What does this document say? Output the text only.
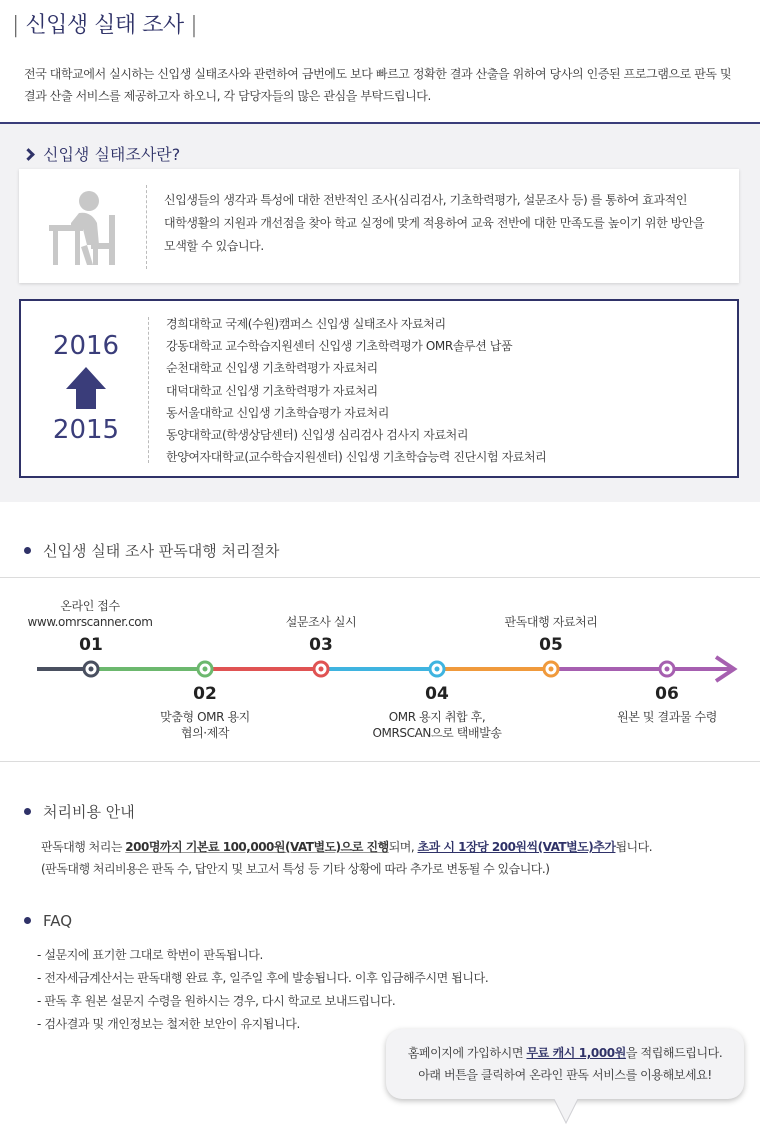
| 신입생 실태 조사 |
전국 대학교에서 실시하는 신입생 실태조사와 관련하여 금번에도 보다 빠르고 정확한 결과 산출을 위하여 당사의 인증된 프로그램으로 판독 및
결과 산출 서비스를 제공하고자 하오니, 각 담당자들의 많은 관심을 부탁드립니다.
신입생 실태조사란?
신입생들의 생각과 특성에 대한 전반적인 조사(심리검사, 기초학력평가, 설문조사 등) 를 통하여 효과적인
대학생활의 지원과 개선점을 찾아 학교 실정에 맞게 적용하여 교육 전반에 대한 만족도를 높이기 위한 방안을
모색할 수 있습니다.
2016
2015
경희대학교 국제(수원)캠퍼스 신입생 실태조사 자료처리
강동대학교 교수학습지원센터 신입생 기초학력평가 OMR솔루션 납품
순천대학교 신입생 기초학력평가 자료처리
대덕대학교 신입생 기초학력평가 자료처리
동서울대학교 신입생 기초학습평가 자료처리
동양대학교(학생상담센터) 신입생 심리검사 검사지 자료처리
한양여자대학교(교수학습지원센터) 신입생 기초학습능력 진단시험 자료처리
신입생 실태 조사 판독대행 처리절차
온라인 접수
www.omrscanner.com
01
02
맞춤형 OMR 용지
협의·제작
설문조사 실시
03
04
OMR 용지 취합 후,
OMRSCAN으로 택배발송
판독대행 자료처리
05
06
원본 및 결과물 수령
처리비용 안내
판독대행 처리는 200명까지 기본료 100,000원(VAT별도)으로 진행되며, 초과 시 1장당 200원씩(VAT별도)추가됩니다.
(판독대행 처리비용은 판독 수, 답안지 및 보고서 특성 등 기타 상황에 따라 추가로 변동될 수 있습니다.)
FAQ
- 설문지에 표기한 그대로 학번이 판독됩니다.
- 전자세금계산서는 판독대행 완료 후, 일주일 후에 발송됩니다. 이후 입금해주시면 됩니다.
- 판독 후 원본 설문지 수령을 원하시는 경우, 다시 학교로 보내드립니다.
- 검사결과 및 개인정보는 철저한 보안이 유지됩니다.
홈페이지에 가입하시면 무료 캐시 1,000원을 적립해드립니다.
아래 버튼을 클릭하여 온라인 판독 서비스를 이용해보세요!
